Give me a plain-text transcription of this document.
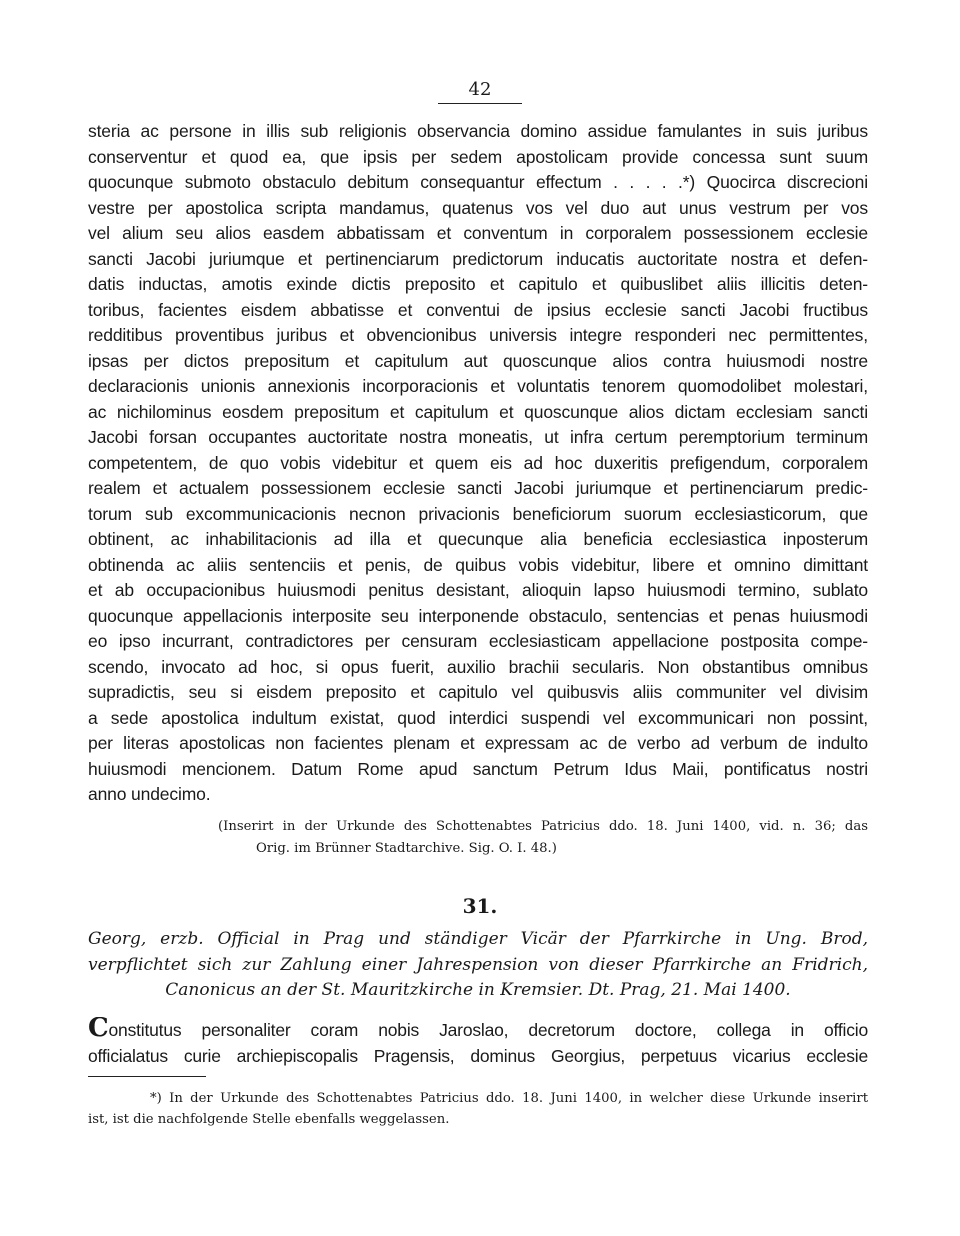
42
steria ac persone in illis sub religionis observancia domino assidue famulantes in suis juribus
conserventur et quod ea, que ipsis per sedem apostolicam provide concessa sunt suum
quocunque submoto obstaculo debitum consequantur effectum . . . . .*) Quocirca discrecioni
vestre per apostolica scripta mandamus, quatenus vos vel duo aut unus vestrum per vos
vel alium seu alios easdem abbatissam et conventum in corporalem possessionem ecclesie
sancti Jacobi juriumque et pertinenciarum predictorum inducatis auctoritate nostra et defen-
datis inductas, amotis exinde dictis preposito et capitulo et quibuslibet aliis illicitis deten-
toribus, facientes eisdem abbatisse et conventui de ipsius ecclesie sancti Jacobi fructibus
redditibus proventibus juribus et obvencionibus universis integre responderi nec permittentes,
ipsas per dictos prepositum et capitulum aut quoscunque alios contra huiusmodi nostre
declaracionis unionis annexionis incorporacionis et voluntatis tenorem quomodolibet molestari,
ac nichilominus eosdem prepositum et capitulum et quoscunque alios dictam ecclesiam sancti
Jacobi forsan occupantes auctoritate nostra moneatis, ut infra certum peremptorium terminum
competentem, de quo vobis videbitur et quem eis ad hoc duxeritis prefigendum, corporalem
realem et actualem possessionem ecclesie sancti Jacobi juriumque et pertinenciarum predic-
torum sub excommunicacionis necnon privacionis beneficiorum suorum ecclesiasticorum, que
obtinent, ac inhabilitacionis ad illa et quecunque alia beneficia ecclesiastica inposterum
obtinenda ac aliis sentenciis et penis, de quibus vobis videbitur, libere et omnino dimittant
et ab occupacionibus huiusmodi penitus desistant, alioquin lapso huiusmodi termino, sublato
quocunque appellacionis interposite seu interponende obstaculo, sentencias et penas huiusmodi
eo ipso incurrant, contradictores per censuram ecclesiasticam appellacione postposita compe-
scendo, invocato ad hoc, si opus fuerit, auxilio brachii secularis. Non obstantibus omnibus
supradictis, seu si eisdem preposito et capitulo vel quibusvis aliis communiter vel divisim
a sede apostolica indultum existat, quod interdici suspendi vel excommunicari non possint,
per literas apostolicas non facientes plenam et expressam ac de verbo ad verbum de indulto
huiusmodi mencionem. Datum Rome apud sanctum Petrum Idus Maii, pontificatus nostri
anno undecimo.
(Inserirt in der Urkunde des Schottenabtes Patricius ddo. 18. Juni 1400, vid. n. 36; das
Orig. im Brünner Stadtarchive. Sig. O. I. 48.)
31.
Georg, erzb. Official in Prag und ständiger Vicär der Pfarrkirche in Ung. Brod,
verpflichtet sich zur Zahlung einer Jahrespension von dieser Pfarrkirche an Fridrich,
Canonicus an der St. Mauritzkirche in Kremsier. Dt. Prag, 21. Mai 1400.
Constitutus personaliter coram nobis Jaroslao, decretorum doctore, collega in officio
officialatus curie archiepiscopalis Pragensis, dominus Georgius, perpetuus vicarius ecclesie
*) In der Urkunde des Schottenabtes Patricius ddo. 18. Juni 1400, in welcher diese Urkunde inserirt
ist, ist die nachfolgende Stelle ebenfalls weggelassen.
